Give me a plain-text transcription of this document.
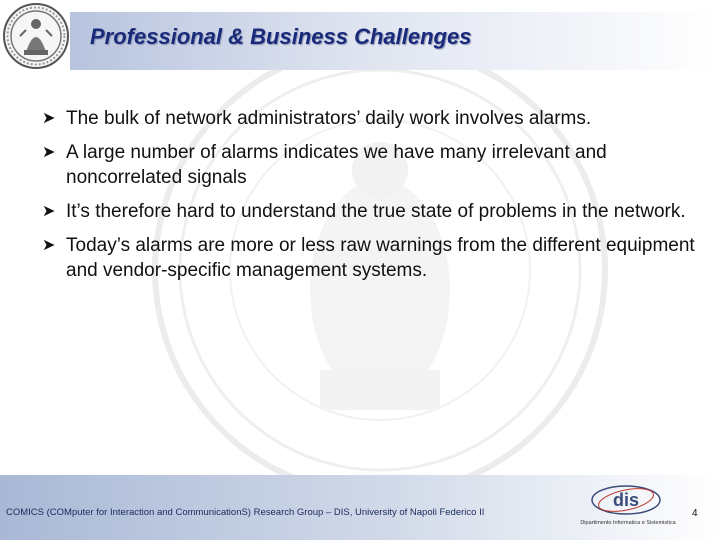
Professional & Business Challenges
➤ The bulk of network administrators’ daily work involves alarms.
➤ A large number of alarms indicates we have many irrelevant and noncorrelated signals
➤ It’s therefore hard to understand the true state of problems in the network.
➤ Today’s alarms are more or less raw warnings from the different equipment and vendor-specific management systems.
COMICS (COMputer for Interaction and CommunicationS) Research Group – DIS, University of Napoli Federico II
dis
Dipartimento Informatica e Sistemistica
4
